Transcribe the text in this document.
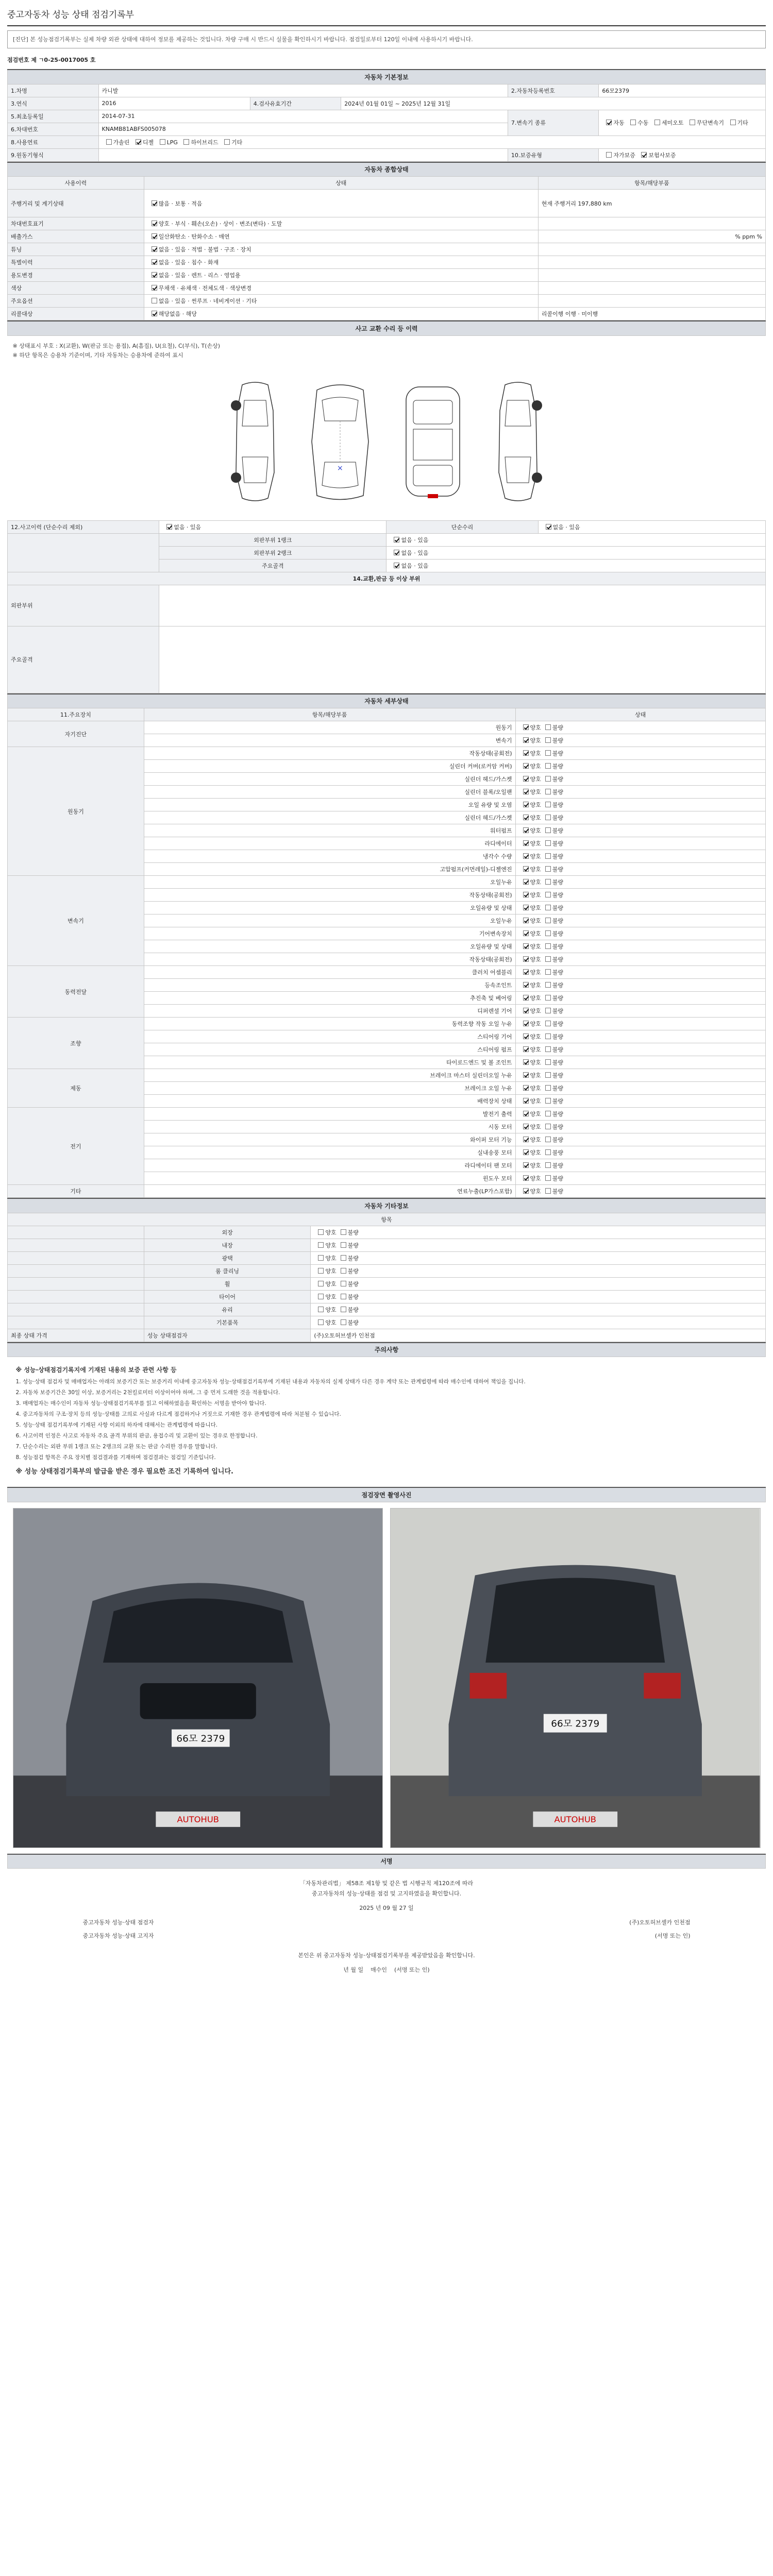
중고자동차 성능 상태 점검기록부
[진단] 본 성능점검기록부는 실제 차량 외관 상태에 대하여 정보를 제공하는 것입니다. 차량 구매 시 반드시 실물을 확인하시기 바랍니다. 점검일로부터 120일 이내에 사용하시기 바랍니다.
점검번호 제 ㄱ0-25-0017005 호
자동차 기본정보					
1.차명	카니발			2.자동차등록번호	66모2379
3.연식	2016	4.검사유효기간	2024년 01월 01일 ~ 2025년 12월 31일		
5.최초등록일	2014-07-31			7.변속기 종류	자동 수동 세미오토 무단변속기 기타
6.차대번호	KNAMB81ABFS005078				
8.사용연료	가솔린 디젤 LPG 하이브리드 기타				
9.원동기형식				10.보증유형	자가보증 보험사보증
자동차 종합상태		
사용이력	상태	항목/해당부품
주행거리 및 계기상태	많음 · 보통 · 적음	현재 주행거리 197,880 km
차대번호표기	양호 · 부식 · 훼손(오손) · 상이 · 변조(변타) · 도말	
배출가스	일산화탄소 · 탄화수소 · 매연	% ppm %
튜닝	없음 · 있음 · 적법 · 불법 · 구조 · 장치	
특별이력	없음 · 있음 · 침수 · 화재	
용도변경	없음 · 있음 · 렌트 · 리스 · 영업용	
색상	무채색 · 유채색 · 전체도색 · 색상변경	
주요옵션	없음 · 있음 · 썬루프 · 네비게이션 · 기타	
리콜대상	해당없음 · 해당	리콜이행 이행 · 미이행
사고 교환 수리 등 이력

※ 상태표시 부호 : X(교환), W(판금 또는 용접), A(흠집), U(요철), C(부식), T(손상)
※ 하단 항목은 승용차 기준이며, 기타 자동차는 승용차에 준하여 표시
×
12.사고이력 (단순수리 제외)	없음 · 있음	단순수리	없음 · 있음
	외판부위 1랭크	없음 · 있음	
	외판부위 2랭크	없음 · 있음	
	주요골격	없음 · 있음	
14.교환,판금 등 이상 부위			
외판부위			
주요골격			
자동차 세부상태		
11.주요장치	항목/해당부품	상태
자기진단	원동기	양호 불량
	변속기	양호 불량
원동기	작동상태(공회전)	양호 불량
	실린더 커버(로커암 커버)	양호 불량
	실린더 헤드/가스켓	양호 불량
	실린더 블록/오일팬	양호 불량
	오일 유량 및 오염	양호 불량
	실린더 헤드/가스켓	양호 불량
	워터펌프	양호 불량
	라디에이터	양호 불량
	냉각수 수량	양호 불량
	고압펌프(커먼레일)-디젤엔진	양호 불량
변속기	오일누유	양호 불량
	작동상태(공회전)	양호 불량
	오일유량 및 상태	양호 불량
	오일누유	양호 불량
	기어변속장치	양호 불량
	오일유량 및 상태	양호 불량
	작동상태(공회전)	양호 불량
동력전달	클러치 어셈블리	양호 불량
	등속조인트	양호 불량
	추진축 및 베어링	양호 불량
	디퍼렌셜 기어	양호 불량
조향	동력조향 작동 오일 누유	양호 불량
	스티어링 기어	양호 불량
	스티어링 펌프	양호 불량
	타이로드엔드 및 볼 조인트	양호 불량
제동	브레이크 마스터 실린더오일 누유	양호 불량
	브레이크 오일 누유	양호 불량
	배력장치 상태	양호 불량
전기	발전기 출력	양호 불량
	시동 모터	양호 불량
	와이퍼 모터 기능	양호 불량
	실내송풍 모터	양호 불량
	라디에이터 팬 모터	양호 불량
	윈도우 모터	양호 불량
기타	연료누출(LP가스포함)	양호 불량
자동차 기타정보		
항목		
	외장	양호 불량
	내장	양호 불량
	광택	양호 불량
	룸 클리닝	양호 불량
	휠	양호 불량
	타이어	양호 불량
	유리	양호 불량
	기본품목	양호 불량
최종 상태 가격	성능 상태점검자	(주)오토허브셀카 인천점
주의사항

※ 성능·상태점검기록지에 기재된 내용의 보증 관련 사항 등

1. 성능·상태 점검자 및 매매업자는 아래의 보증기간 또는 보증거리 이내에 중고자동차 성능·상태점검기록부에 기재된 내용과 자동차의 실제 상태가 다른 경우 계약 또는 관계법령에 따라 매수인에 대하여 책임을 집니다.

2. 자동차 보증기간은 30일 이상, 보증거리는 2천킬로미터 이상이어야 하며, 그 중 먼저 도래한 것을 적용합니다.

3. 매매업자는 매수인이 자동차 성능·상태점검기록부를 읽고 이해하였음을 확인하는 서명을 받아야 합니다.

4. 중고자동차의 구조·장치 등의 성능·상태를 고의로 사실과 다르게 점검하거나 거짓으로 기재한 경우 관계법령에 따라 처분될 수 있습니다.

5. 성능·상태 점검기록부에 기재된 사항 이외의 하자에 대해서는 관계법령에 따릅니다.

6. 사고이력 인정은 사고로 자동차 주요 골격 부위의 판금, 용접수리 및 교환이 있는 경우로 한정합니다.

7. 단순수리는 외판 부위 1랭크 또는 2랭크의 교환 또는 판금 수리한 경우를 말합니다.

8. 성능점검 항목은 주요 장치별 점검결과를 기재하며 점검결과는 점검일 기준입니다.

※ 성능 상태점검기록부의 발급을 받은 경우 필요한 조건 기록하여 입니다.
점검장면 촬영사진

66모 2379
AUTOHUB
66모 2379
AUTOHUB
서명

「자동차관리법」 제58조 제1항 및 같은 법 시행규칙 제120조에 따라
중고자동차의 성능·상태를 점검 및 고지하였음을 확인합니다.
2025 년 09 월 27 일
중고자동차 성능·상태 점검자	(주)오토허브셀카 인천점
중고자동차 성능·상태 고지자	(서명 또는 인)
본인은 위 중고자동차 성능·상태점검기록부를 제공받았음을 확인합니다.
년 월 일 매수인 (서명 또는 인)
